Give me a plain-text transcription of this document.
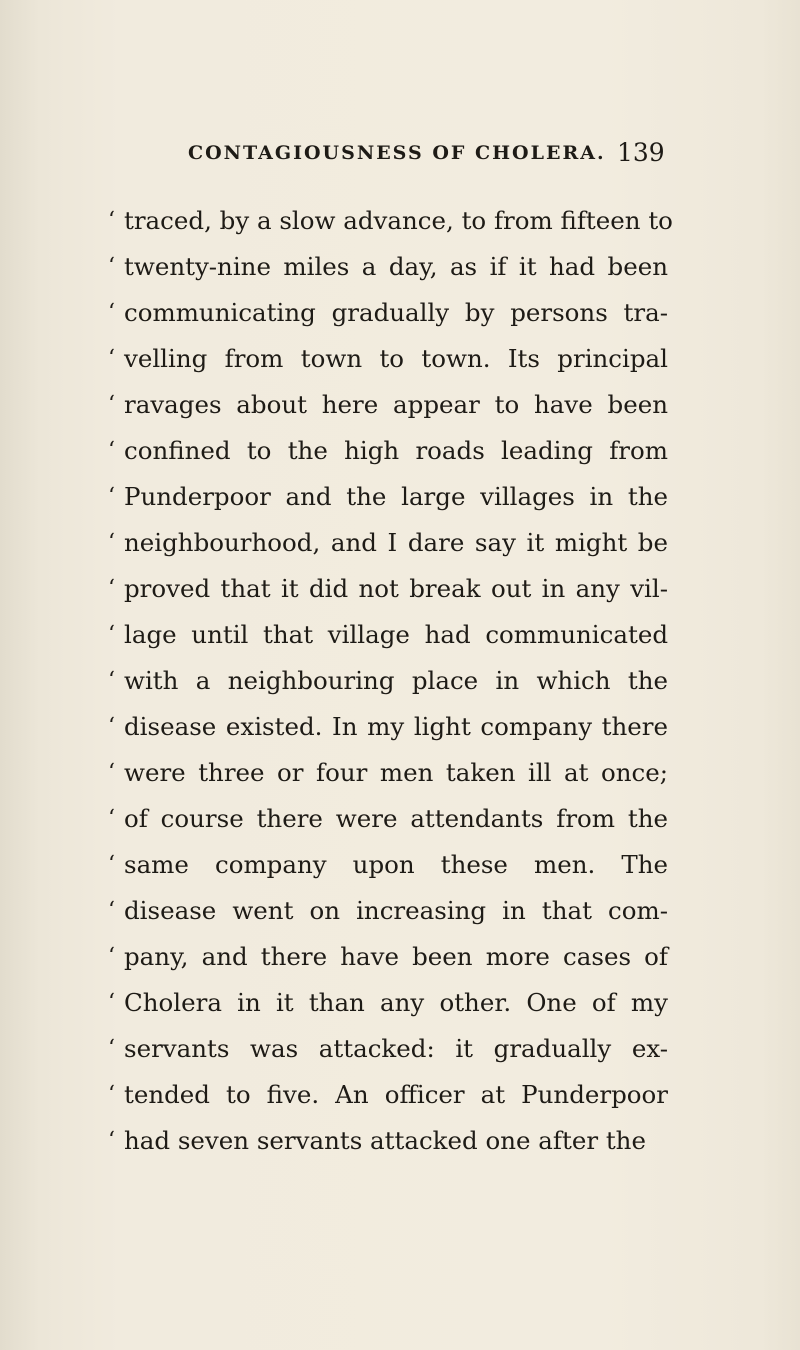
CONTAGIOUSNESS OF CHOLERA. 139
‘ traced, by a slow advance, to from fifteen to
‘ twenty-nine miles a day, as if it had been
‘ communicating gradually by persons tra-
‘ velling from town to town. Its principal
‘ ravages about here appear to have been
‘ confined to the high roads leading from
‘ Punderpoor and the large villages in the
‘ neighbourhood, and I dare say it might be
‘ proved that it did not break out in any vil-
‘ lage until that village had communicated
‘ with a neighbouring place in which the
‘ disease existed. In my light company there
‘ were three or four men taken ill at once;
‘ of course there were attendants from the
‘ same company upon these men. The
‘ disease went on increasing in that com-
‘ pany, and there have been more cases of
‘ Cholera in it than any other. One of my
‘ servants was attacked: it gradually ex-
‘ tended to five. An officer at Punderpoor
‘ had seven servants attacked one after the
